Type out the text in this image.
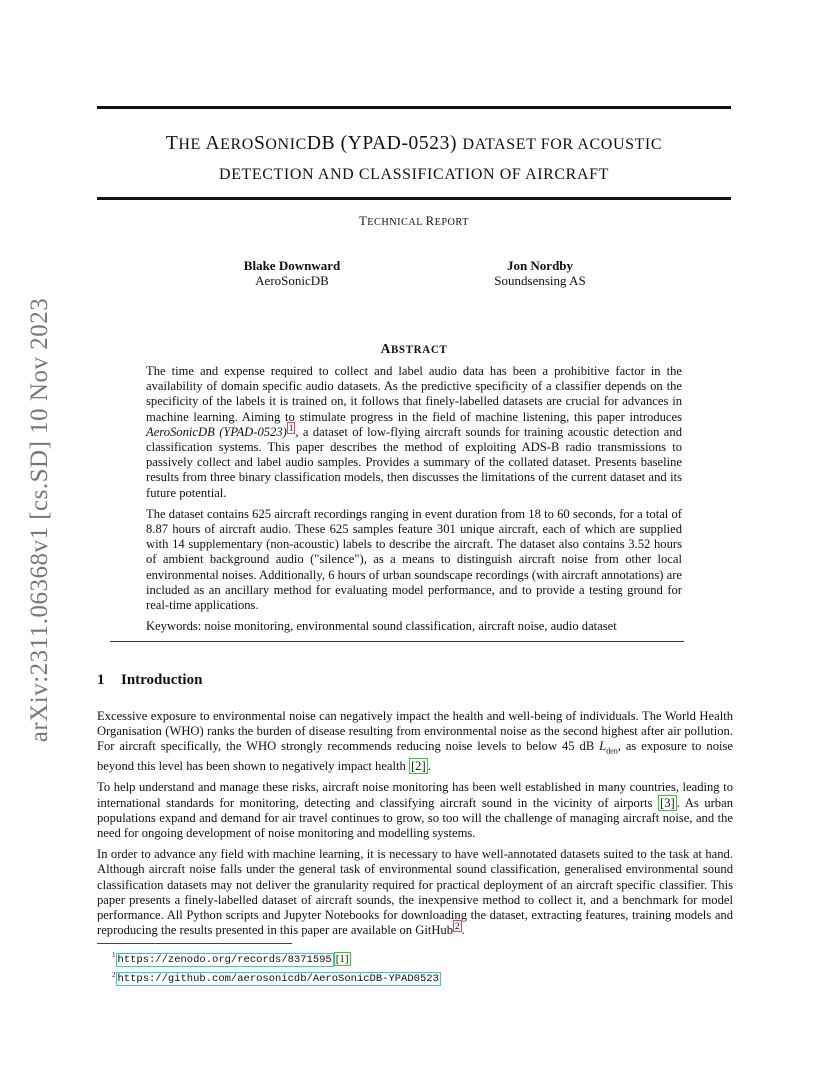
arXiv:2311.06368v1 [cs.SD] 10 Nov 2023
THE AEROSONICDB (YPAD-0523) DATASET FOR ACOUSTIC
DETECTION AND CLASSIFICATION OF AIRCRAFT
TECHNICAL REPORT
Blake Downward
AeroSonicDB
Jon Nordby
Soundsensing AS
ABSTRACT

The time and expense required to collect and label audio data has been a prohibitive factor in the availability of domain specific audio datasets. As the predictive specificity of a classifier depends on the specificity of the labels it is trained on, it follows that finely-labelled datasets are crucial for advances in machine learning. Aiming to stimulate progress in the field of machine listening, this paper introduces AeroSonicDB (YPAD-0523) $^1$ , a dataset of low-flying aircraft sounds for training acoustic detection and classification systems. This paper describes the method of exploiting ADS-B radio transmissions to passively collect and label audio samples. Provides a summary of the collated dataset. Presents baseline results from three binary classification models, then discusses the limitations of the current dataset and its future potential.

The dataset contains 625 aircraft recordings ranging in event duration from 18 to 60 seconds, for a total of 8.87 hours of aircraft audio. These 625 samples feature 301 unique aircraft, each of which are supplied with 14 supplementary (non-acoustic) labels to describe the aircraft. The dataset also contains 3.52 hours of ambient background audio ("silence"), as a means to distinguish aircraft noise from other local environmental noises. Additionally, 6 hours of urban soundscape recordings (with aircraft annotations) are included as an ancillary method for evaluating model performance, and to provide a testing ground for real-time applications.

Keywords: noise monitoring, environmental sound classification, aircraft noise, audio dataset

1 Introduction

Excessive exposure to environmental noise can negatively impact the health and well-being of individuals. The World Health Organisation (WHO) ranks the burden of disease resulting from environmental noise as the second highest after air pollution. For aircraft specifically, the WHO strongly recommends reducing noise levels to below 45 dB $L_{den}$, as exposure to noise beyond this level has been shown to negatively impact health [2] .

To help understand and manage these risks, aircraft noise monitoring has been well established in many countries, leading to international standards for monitoring, detecting and classifying aircraft sound in the vicinity of airports [3] . As urban populations expand and demand for air travel continues to grow, so too will the challenge of managing aircraft noise, and the need for ongoing development of noise monitoring and modelling systems.

In order to advance any field with machine learning, it is necessary to have well-annotated datasets suited to the task at hand. Although aircraft noise falls under the general task of environmental sound classification, generalised environmental sound classification datasets may not deliver the granularity required for practical deployment of an aircraft specific classifier. This paper presents a finely-labelled dataset of aircraft sounds, the inexpensive method to collect it, and a benchmark for model performance. All Python scripts and Jupyter Notebooks for downloading the dataset, extracting features, training models and reproducing the results presented in this paper are available on GitHub $^2$ .

$^1$ https://zenodo.org/records/8371595 [1]
$^2$ https://github.com/aerosonicdb/AeroSonicDB-YPAD0523
